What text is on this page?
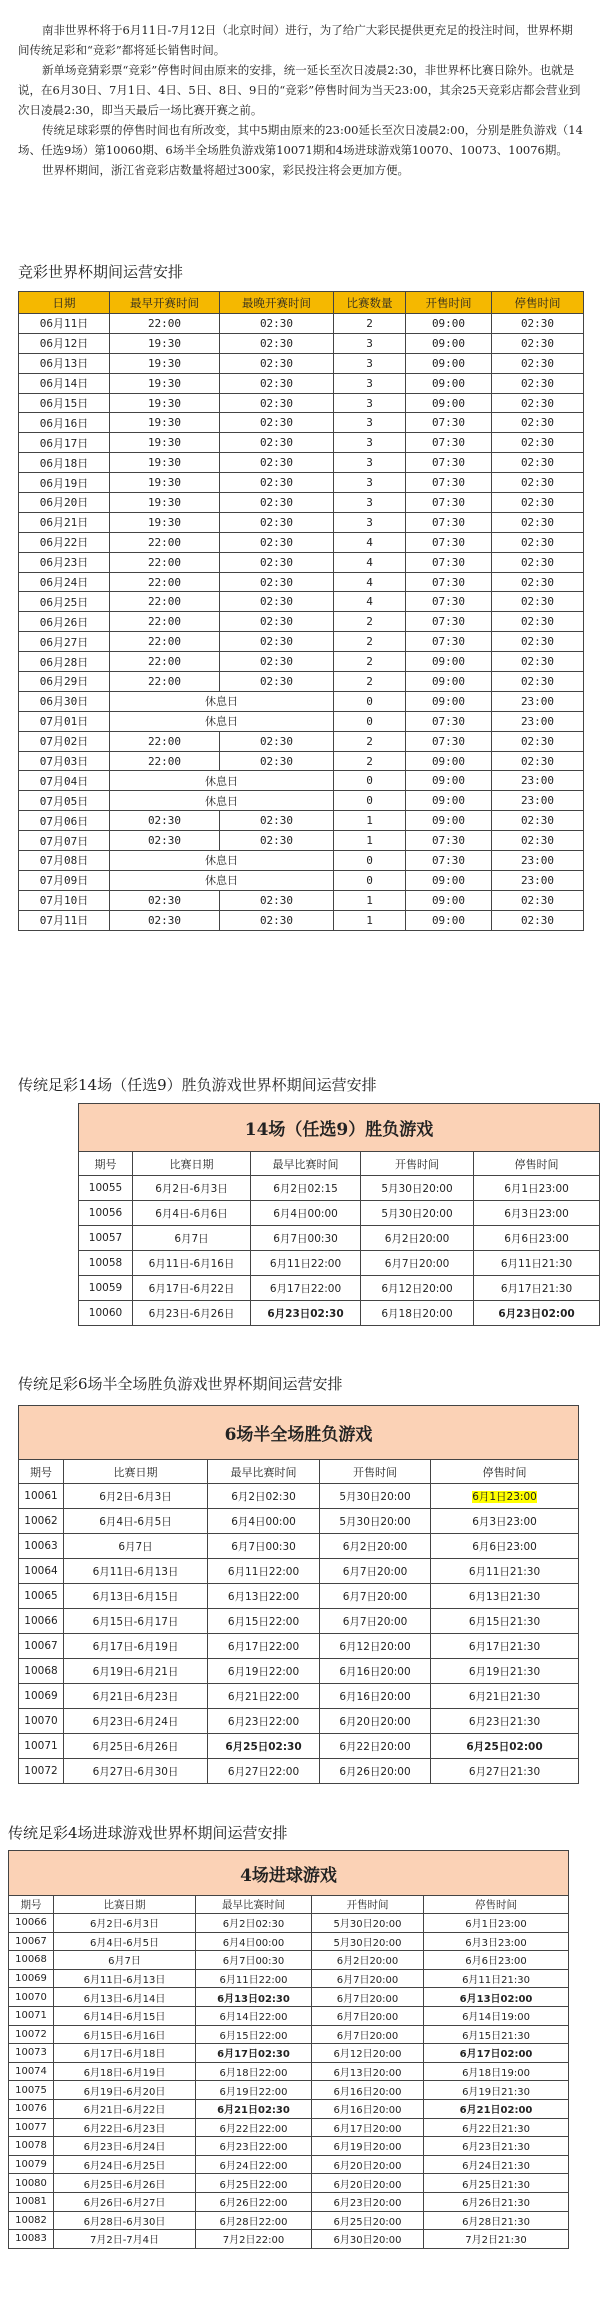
南非世界杯将于6月11日-7月12日（北京时间）进行，为了给广大彩民提供更充足的投注时间，世界杯期间传统足彩和“竞彩”都将延长销售时间。

新单场竞猜彩票“竞彩”停售时间由原来的安排，统一延长至次日凌晨2:30，非世界杯比赛日除外。也就是说，在6月30日、7月1日、4日、5日、8日、9日的“竞彩”停售时间为当天23:00，其余25天竞彩店都会营业到次日凌晨2:30，即当天最后一场比赛开赛之前。

传统足球彩票的停售时间也有所改变，其中5期由原来的23:00延长至次日凌晨2:00，分别是胜负游戏（14场、任选9场）第10060期、6场半全场胜负游戏第10071期和4场进球游戏第10070、10073、10076期。

世界杯期间，浙江省竞彩店数量将超过300家，彩民投注将会更加方便。

竞彩世界杯期间运营安排
日期	最早开赛时间	最晚开赛时间	比赛数量	开售时间	停售时间
06月11日	22:00	02:30	2	09:00	02:30
06月12日	19:30	02:30	3	09:00	02:30
06月13日	19:30	02:30	3	09:00	02:30
06月14日	19:30	02:30	3	09:00	02:30
06月15日	19:30	02:30	3	09:00	02:30
06月16日	19:30	02:30	3	07:30	02:30
06月17日	19:30	02:30	3	07:30	02:30
06月18日	19:30	02:30	3	07:30	02:30
06月19日	19:30	02:30	3	07:30	02:30
06月20日	19:30	02:30	3	07:30	02:30
06月21日	19:30	02:30	3	07:30	02:30
06月22日	22:00	02:30	4	07:30	02:30
06月23日	22:00	02:30	4	07:30	02:30
06月24日	22:00	02:30	4	07:30	02:30
06月25日	22:00	02:30	4	07:30	02:30
06月26日	22:00	02:30	2	07:30	02:30
06月27日	22:00	02:30	2	07:30	02:30
06月28日	22:00	02:30	2	09:00	02:30
06月29日	22:00	02:30	2	09:00	02:30
06月30日	休息日		0	09:00	23:00
07月01日	休息日		0	07:30	23:00
07月02日	22:00	02:30	2	07:30	02:30
07月03日	22:00	02:30	2	09:00	02:30
07月04日	休息日		0	09:00	23:00
07月05日	休息日		0	09:00	23:00
07月06日	02:30	02:30	1	09:00	02:30
07月07日	02:30	02:30	1	07:30	02:30
07月08日	休息日		0	07:30	23:00
07月09日	休息日		0	09:00	23:00
07月10日	02:30	02:30	1	09:00	02:30
07月11日	02:30	02:30	1	09:00	02:30
传统足彩14场（任选9）胜负游戏世界杯期间运营安排
14场（任选9）胜负游戏				
期号	比赛日期	最早比赛时间	开售时间	停售时间
10055	6月2日-6月3日	6月2日02:15	5月30日20:00	6月1日23:00
10056	6月4日-6月6日	6月4日00:00	5月30日20:00	6月3日23:00
10057	6月7日	6月7日00:30	6月2日20:00	6月6日23:00
10058	6月11日-6月16日	6月11日22:00	6月7日20:00	6月11日21:30
10059	6月17日-6月22日	6月17日22:00	6月12日20:00	6月17日21:30
10060	6月23日-6月26日	6月23日02:30	6月18日20:00	6月23日02:00
传统足彩6场半全场胜负游戏世界杯期间运营安排
6场半全场胜负游戏				
期号	比赛日期	最早比赛时间	开售时间	停售时间
10061	6月2日-6月3日	6月2日02:30	5月30日20:00	6月1日23:00
10062	6月4日-6月5日	6月4日00:00	5月30日20:00	6月3日23:00
10063	6月7日	6月7日00:30	6月2日20:00	6月6日23:00
10064	6月11日-6月13日	6月11日22:00	6月7日20:00	6月11日21:30
10065	6月13日-6月15日	6月13日22:00	6月7日20:00	6月13日21:30
10066	6月15日-6月17日	6月15日22:00	6月7日20:00	6月15日21:30
10067	6月17日-6月19日	6月17日22:00	6月12日20:00	6月17日21:30
10068	6月19日-6月21日	6月19日22:00	6月16日20:00	6月19日21:30
10069	6月21日-6月23日	6月21日22:00	6月16日20:00	6月21日21:30
10070	6月23日-6月24日	6月23日22:00	6月20日20:00	6月23日21:30
10071	6月25日-6月26日	6月25日02:30	6月22日20:00	6月25日02:00
10072	6月27日-6月30日	6月27日22:00	6月26日20:00	6月27日21:30
传统足彩4场进球游戏世界杯期间运营安排
4场进球游戏				
期号	比赛日期	最早比赛时间	开售时间	停售时间
10066	6月2日-6月3日	6月2日02:30	5月30日20:00	6月1日23:00
10067	6月4日-6月5日	6月4日00:00	5月30日20:00	6月3日23:00
10068	6月7日	6月7日00:30	6月2日20:00	6月6日23:00
10069	6月11日-6月13日	6月11日22:00	6月7日20:00	6月11日21:30
10070	6月13日-6月14日	6月13日02:30	6月7日20:00	6月13日02:00
10071	6月14日-6月15日	6月14日22:00	6月7日20:00	6月14日19:00
10072	6月15日-6月16日	6月15日22:00	6月7日20:00	6月15日21:30
10073	6月17日-6月18日	6月17日02:30	6月12日20:00	6月17日02:00
10074	6月18日-6月19日	6月18日22:00	6月13日20:00	6月18日19:00
10075	6月19日-6月20日	6月19日22:00	6月16日20:00	6月19日21:30
10076	6月21日-6月22日	6月21日02:30	6月16日20:00	6月21日02:00
10077	6月22日-6月23日	6月22日22:00	6月17日20:00	6月22日21:30
10078	6月23日-6月24日	6月23日22:00	6月19日20:00	6月23日21:30
10079	6月24日-6月25日	6月24日22:00	6月20日20:00	6月24日21:30
10080	6月25日-6月26日	6月25日22:00	6月20日20:00	6月25日21:30
10081	6月26日-6月27日	6月26日22:00	6月23日20:00	6月26日21:30
10082	6月28日-6月30日	6月28日22:00	6月25日20:00	6月28日21:30
10083	7月2日-7月4日	7月2日22:00	6月30日20:00	7月2日21:30
